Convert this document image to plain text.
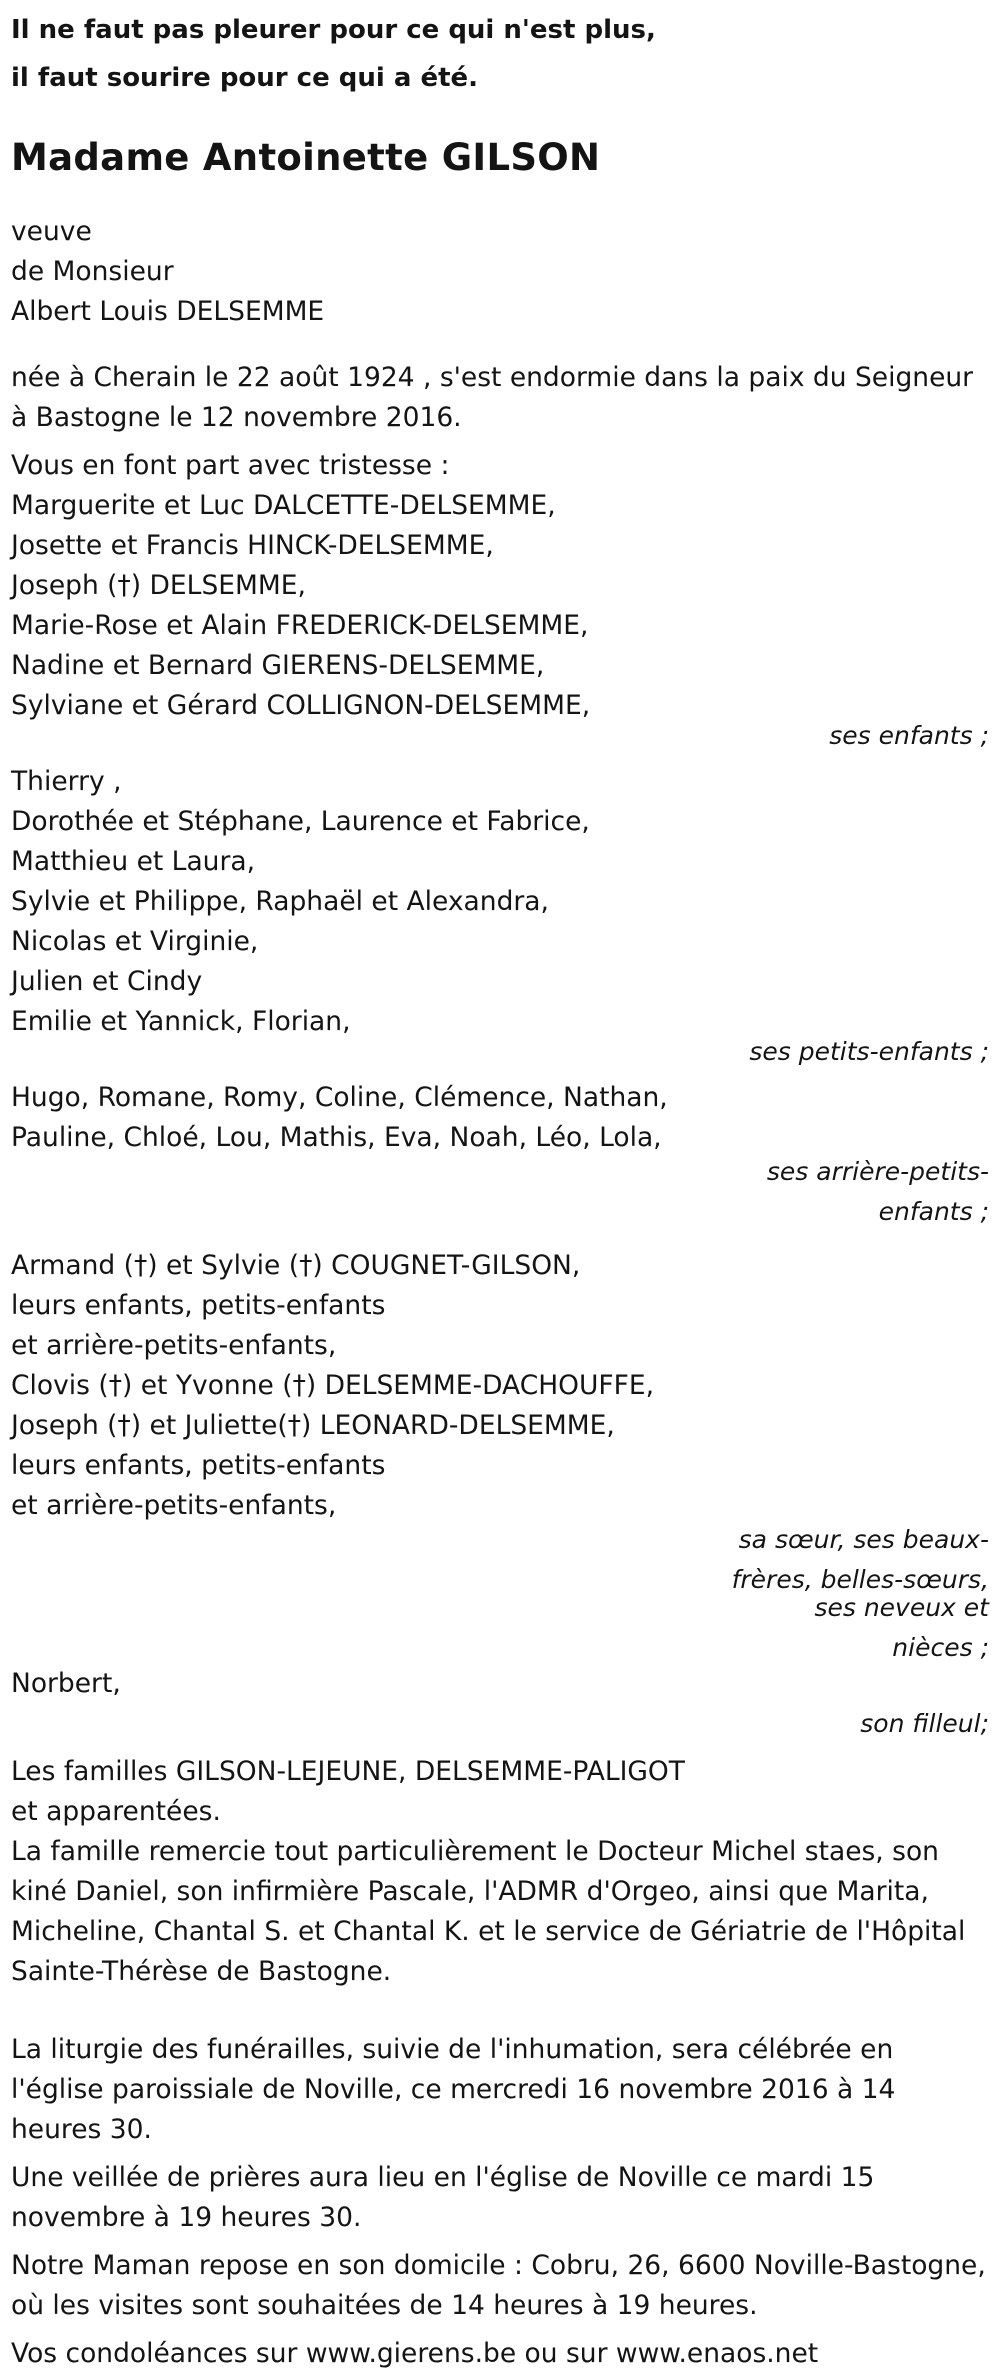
Il ne faut pas pleurer pour ce qui n'est plus,
il faut sourire pour ce qui a été.
Madame Antoinette GILSON
veuve
de Monsieur
Albert Louis DELSEMME

née à Cherain le 22 août 1924 , s'est endormie dans la paix du Seigneur à Bastogne le 12 novembre 2016.

Vous en font part avec tristesse :
Marguerite et Luc DALCETTE-DELSEMME,
Josette et Francis HINCK-DELSEMME,
Joseph (†) DELSEMME,
Marie-Rose et Alain FREDERICK-DELSEMME,
Nadine et Bernard GIERENS-DELSEMME,
Sylviane et Gérard COLLIGNON-DELSEMME,
ses enfants ;
Thierry ,
Dorothée et Stéphane, Laurence et Fabrice,
Matthieu et Laura,
Sylvie et Philippe, Raphaël et Alexandra,
Nicolas et Virginie,
Julien et Cindy
Emilie et Yannick, Florian,
ses petits-enfants ;
Hugo, Romane, Romy, Coline, Clémence, Nathan,
Pauline, Chloé, Lou, Mathis, Eva, Noah, Léo, Lola,
ses arrière-petits-enfants ;
Armand (†) et Sylvie (†) COUGNET-GILSON,
leurs enfants, petits-enfants
et arrière-petits-enfants,
Clovis (†) et Yvonne (†) DELSEMME-DACHOUFFE,
Joseph (†) et Juliette(†) LEONARD-DELSEMME,
leurs enfants, petits-enfants
et arrière-petits-enfants,
sa sœur, ses beaux-frères, belles-sœurs,
ses neveux et nièces ;
Norbert,
son filleul;
Les familles GILSON-LEJEUNE, DELSEMME-PALIGOT
et apparentées.

La famille remercie tout particulièrement le Docteur Michel staes, son kiné Daniel, son infirmière Pascale, l'ADMR d'Orgeo, ainsi que Marita, Micheline, Chantal S. et Chantal K. et le service de Gériatrie de l'Hôpital Sainte-Thérèse de Bastogne.

La liturgie des funérailles, suivie de l'inhumation, sera célébrée en l'église paroissiale de Noville, ce mercredi 16 novembre 2016 à 14 heures 30.

Une veillée de prières aura lieu en l'église de Noville ce mardi 15 novembre à 19 heures 30.

Notre Maman repose en son domicile : Cobru, 26, 6600 Noville-Bastogne, où les visites sont souhaitées de 14 heures à 19 heures.

Vos condoléances sur www.gierens.be ou sur www.enaos.net
